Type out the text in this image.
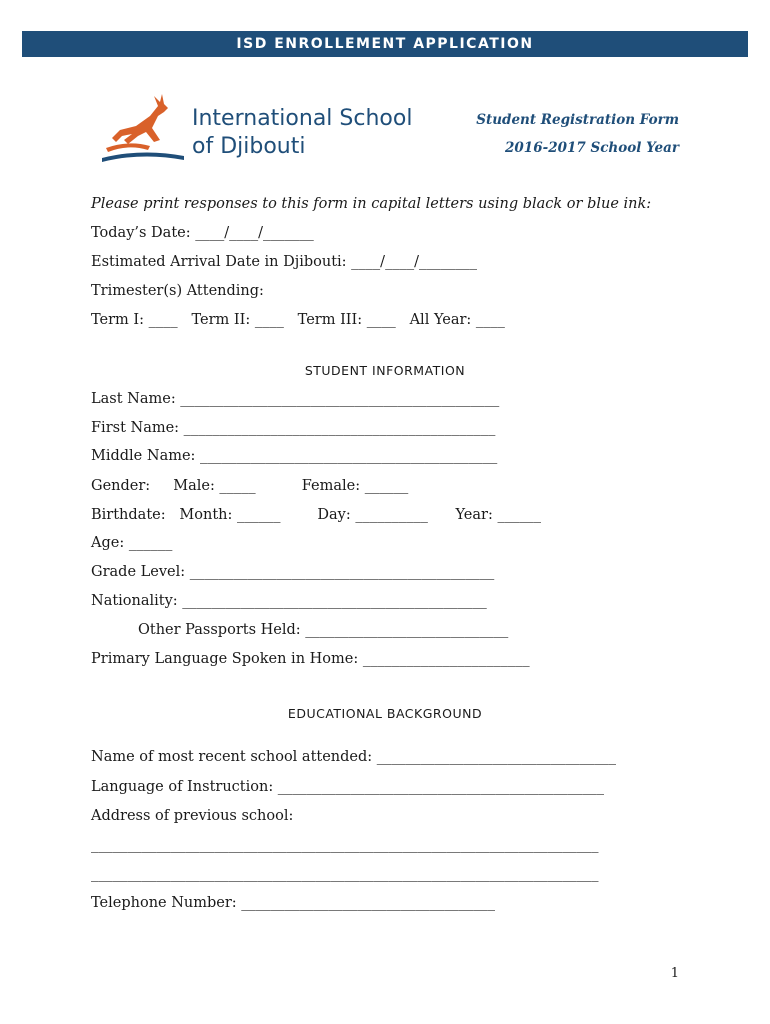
ISD ENROLLEMENT APPLICATION
International School
of Djibouti
Student Registration Form
2016-2017 School Year
Please print responses to this form in capital letters using black or blue ink:
Today’s Date: ____/____/_______
Estimated Arrival Date in Djibouti: ____/____/________
Trimester(s) Attending:
Term I: ____   Term II: ____   Term III: ____   All Year: ____
STUDENT INFORMATION
Last Name: ____________________________________________
First Name: ___________________________________________
Middle Name: _________________________________________
Gender:     Male: _____          Female: ______
Birthdate:   Month: ______        Day: __________      Year: ______
Age: ______
Grade Level: __________________________________________
Nationality: __________________________________________
Other Passports Held: ____________________________
Primary Language Spoken in Home: _______________________
EDUCATIONAL BACKGROUND
Name of most recent school attended: _________________________________
Language of Instruction: _____________________________________________
Address of previous school:
______________________________________________________________________
______________________________________________________________________
Telephone Number: ___________________________________
1
